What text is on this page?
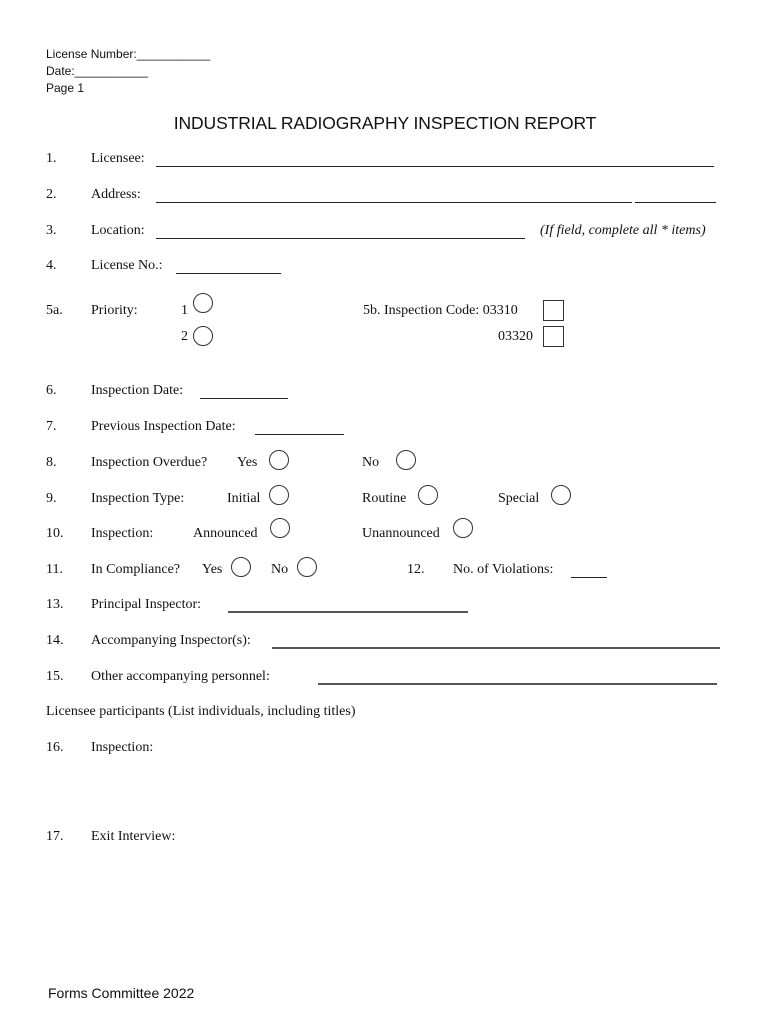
License Number:___________
Date:___________
Page 1
INDUSTRIAL RADIOGRAPHY INSPECTION REPORT
1. Licensee:
2. Address:
3. Location:	(If field, complete all * items)
4. License No.:
5a. Priority:	1
2
5b. Inspection Code: 03310
03320
6. Inspection Date:
7. Previous Inspection Date:
8. Inspection Overdue? Yes	No
9. Inspection Type:	Initial	Routine	Special
10. Inspection:	Announced	Unannounced
11. In Compliance? Yes	No	12. No. of Violations:
13. Principal Inspector:
14. Accompanying Inspector(s):
15. Other accompanying personnel:
Licensee participants (List individuals, including titles)
16. Inspection:
17. Exit Interview:
Forms Committee 2022
